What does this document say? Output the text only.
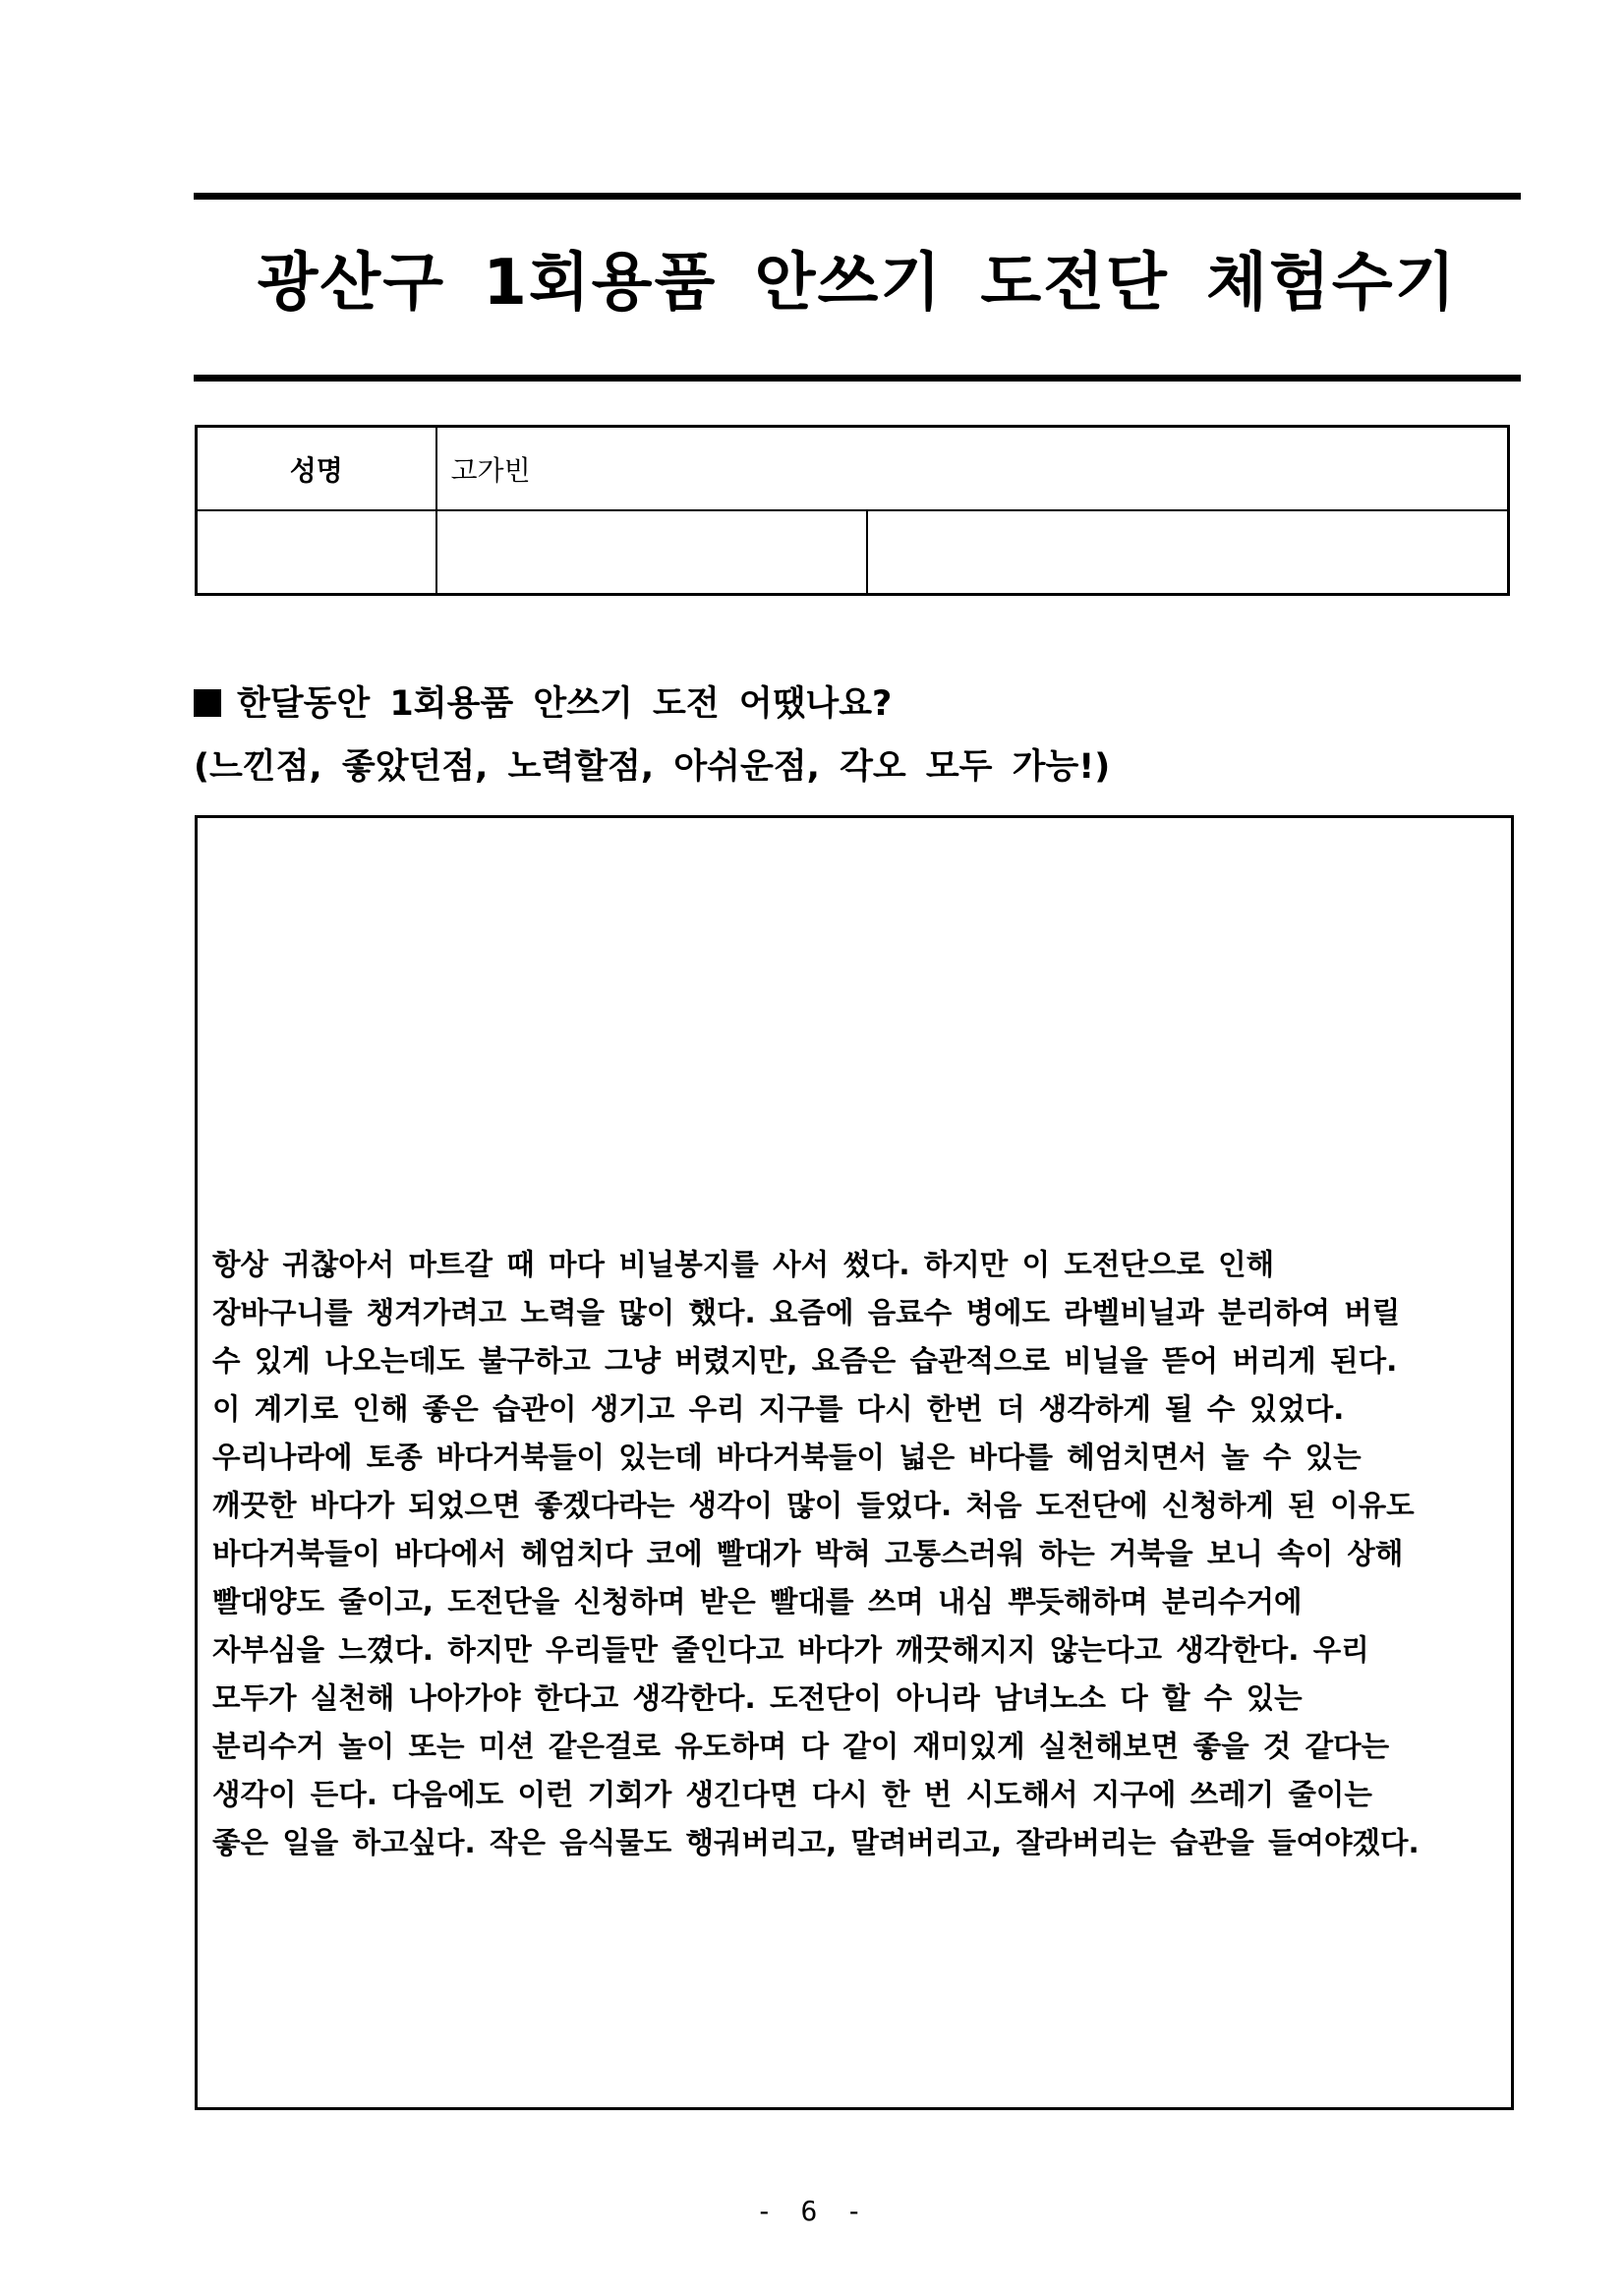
광산구 1회용품 안쓰기 도전단 체험수기
성명	고가빈	

한달동안 1회용품 안쓰기 도전 어땠나요?
(느낀점, 좋았던점, 노력할점, 아쉬운점, 각오 모두 가능!)
항상 귀찮아서 마트갈 때 마다 비닐봉지를 사서 썼다. 하지만 이 도전단으로 인해
장바구니를 챙겨가려고 노력을 많이 했다. 요즘에 음료수 병에도 라벨비닐과 분리하여 버릴
수 있게 나오는데도 불구하고 그냥 버렸지만, 요즘은 습관적으로 비닐을 뜯어 버리게 된다.
이 계기로 인해 좋은 습관이 생기고 우리 지구를 다시 한번 더 생각하게 될 수 있었다.
우리나라에 토종 바다거북들이 있는데 바다거북들이 넓은 바다를 헤엄치면서 놀 수 있는
깨끗한 바다가 되었으면 좋겠다라는 생각이 많이 들었다. 처음 도전단에 신청하게 된 이유도
바다거북들이 바다에서 헤엄치다 코에 빨대가 박혀 고통스러워 하는 거북을 보니 속이 상해
빨대양도 줄이고, 도전단을 신청하며 받은 빨대를 쓰며 내심 뿌듯해하며 분리수거에
자부심을 느꼈다. 하지만 우리들만 줄인다고 바다가 깨끗해지지 않는다고 생각한다. 우리
모두가 실천해 나아가야 한다고 생각한다. 도전단이 아니라 남녀노소 다 할 수 있는
분리수거 놀이 또는 미션 같은걸로 유도하며 다 같이 재미있게 실천해보면 좋을 것 같다는
생각이 든다. 다음에도 이런 기회가 생긴다면 다시 한 번 시도해서 지구에 쓰레기 줄이는
좋은 일을 하고싶다. 작은 음식물도 행궈버리고, 말려버리고, 잘라버리는 습관을 들여야겠다.
- 6 -
